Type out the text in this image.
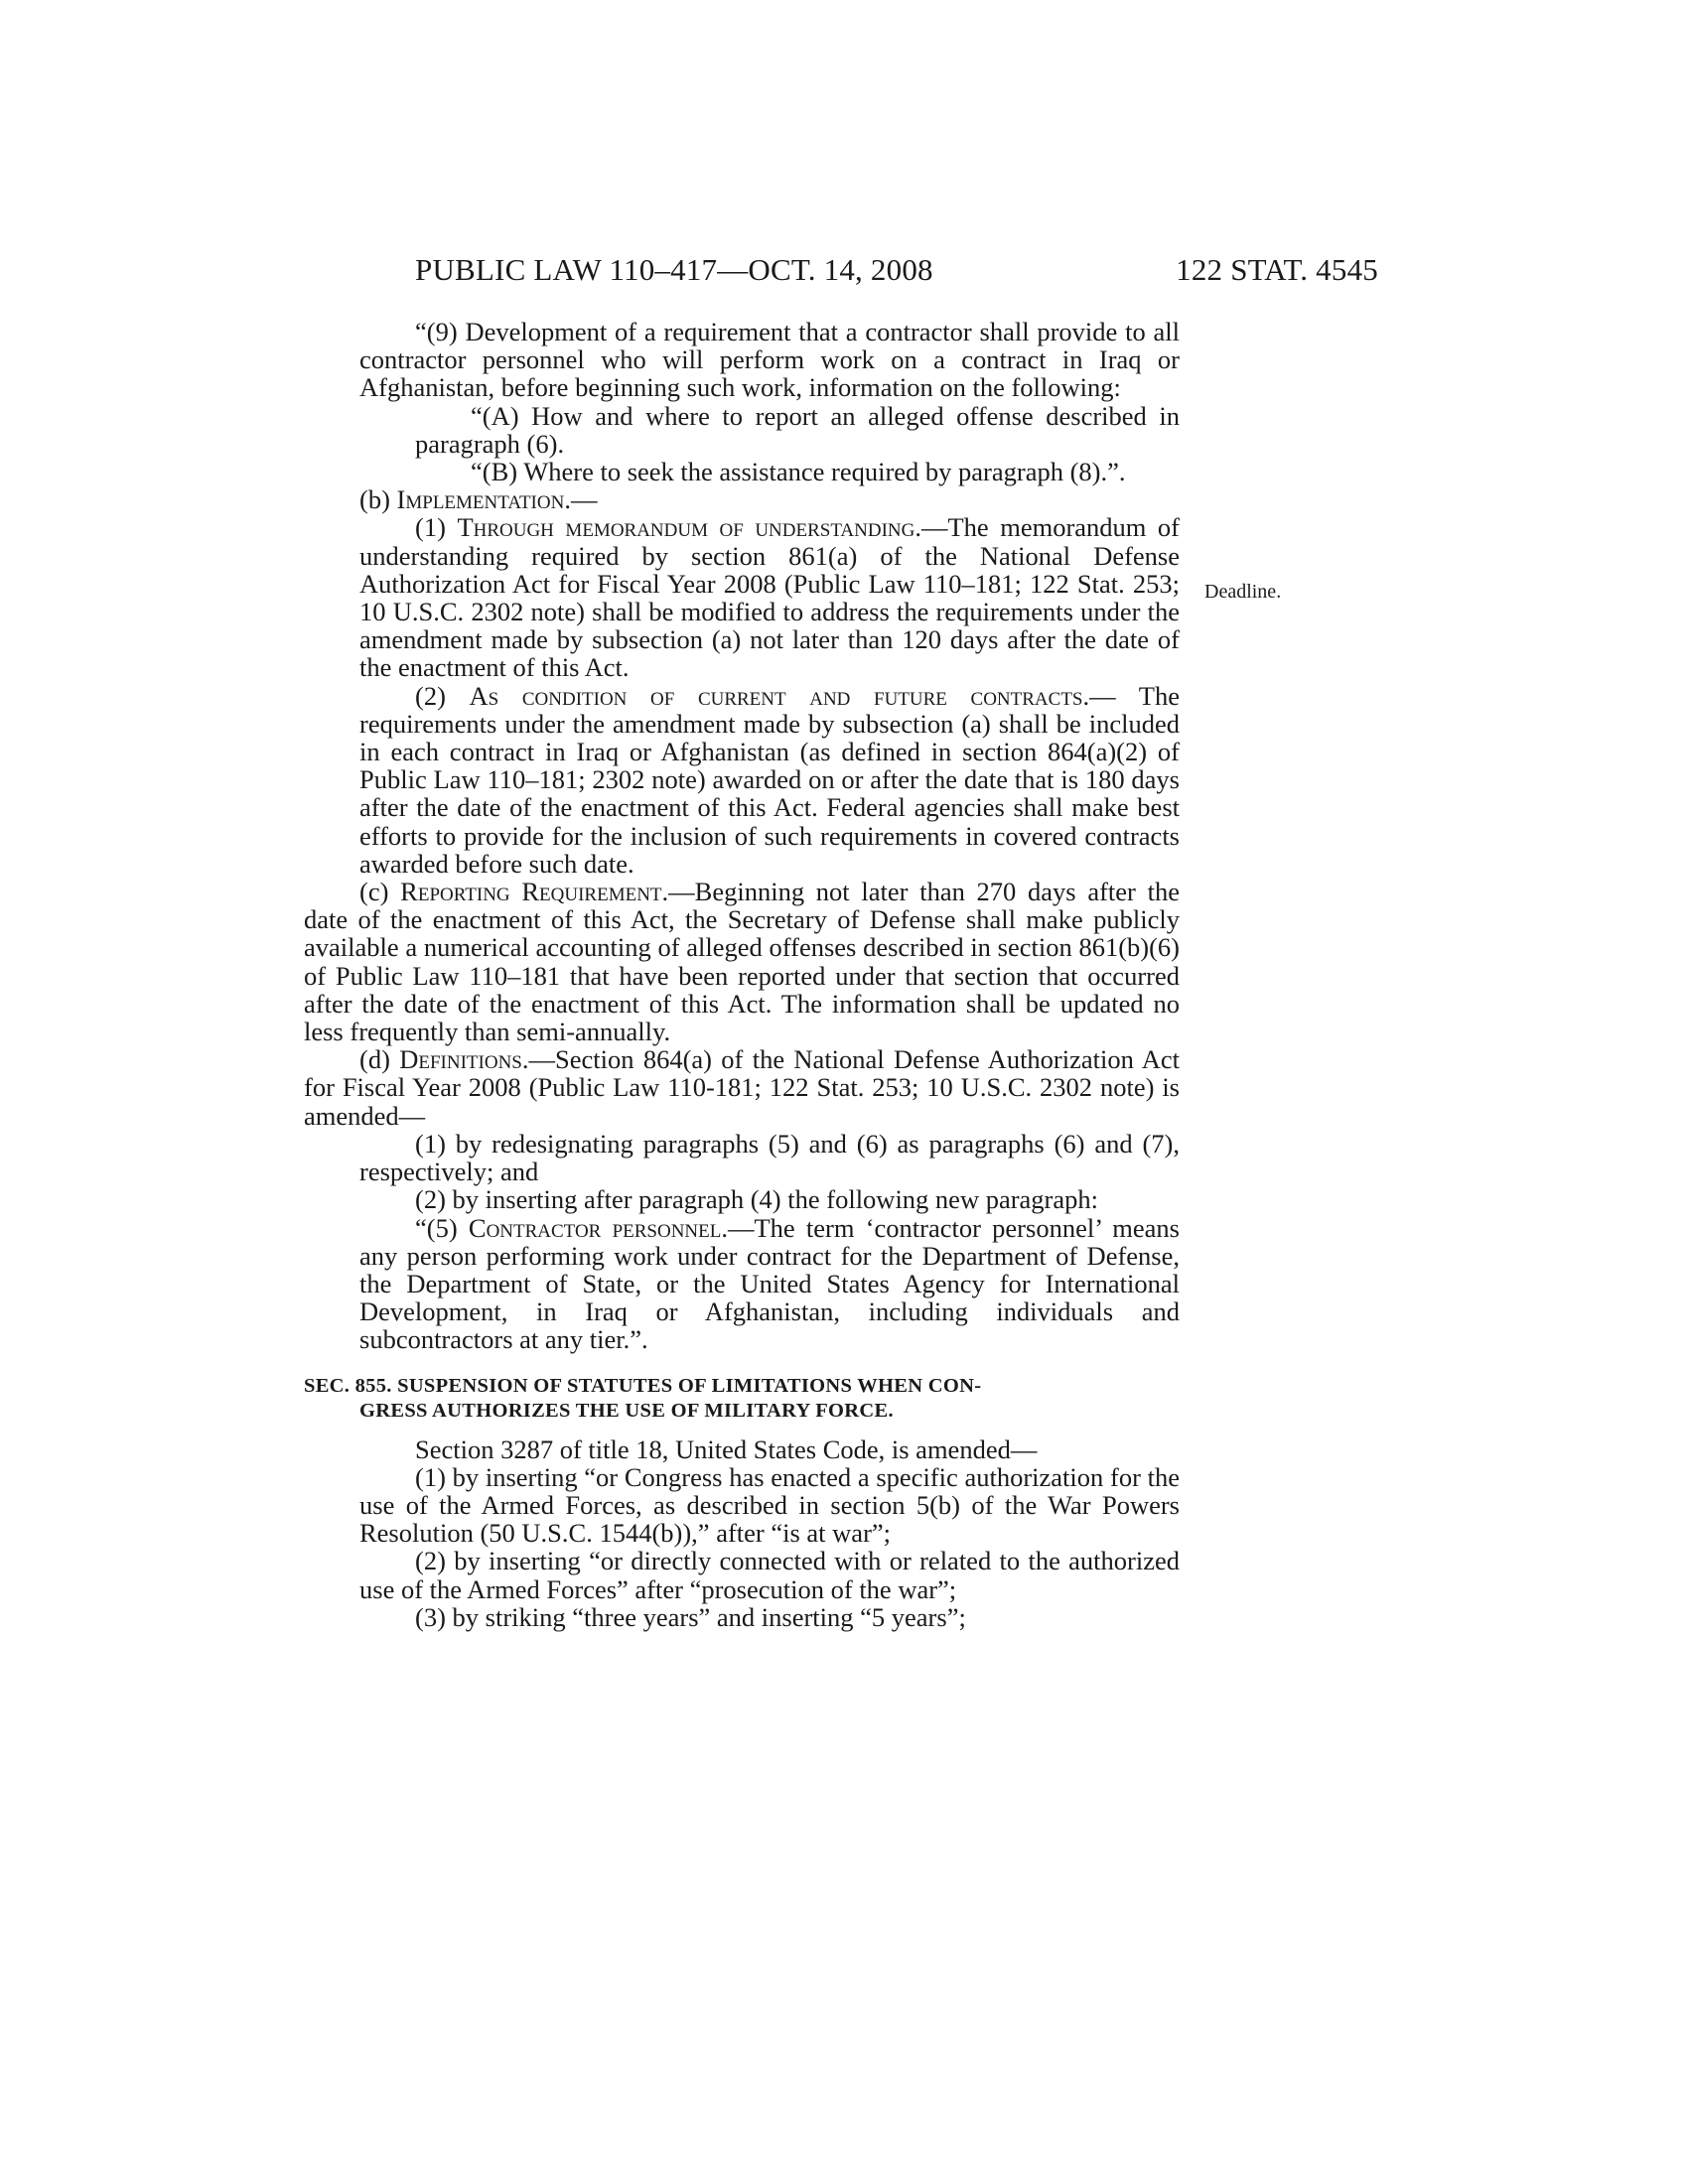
PUBLIC LAW 110–417—OCT. 14, 2008	122 STAT. 4545
Deadline.

“(9) Development of a requirement that a contractor shall provide to all contractor personnel who will perform work on a contract in Iraq or Afghanistan, before beginning such work, information on the following:

“(A) How and where to report an alleged offense described in paragraph (6).

“(B) Where to seek the assistance required by paragraph (8).”.

(b) Implementation.—

(1) Through memorandum of understanding.—The memorandum of understanding required by section 861(a) of the National Defense Authorization Act for Fiscal Year 2008 (Public Law 110–181; 122 Stat. 253; 10 U.S.C. 2302 note) shall be modified to address the requirements under the amendment made by subsection (a) not later than 120 days after the date of the enactment of this Act.

(2) As condition of current and future contracts.— The requirements under the amendment made by subsection (a) shall be included in each contract in Iraq or Afghanistan (as defined in section 864(a)(2) of Public Law 110–181; 2302 note) awarded on or after the date that is 180 days after the date of the enactment of this Act. Federal agencies shall make best efforts to provide for the inclusion of such requirements in covered contracts awarded before such date.

(c) Reporting Requirement.—Beginning not later than 270 days after the date of the enactment of this Act, the Secretary of Defense shall make publicly available a numerical accounting of alleged offenses described in section 861(b)(6) of Public Law 110–181 that have been reported under that section that occurred after the date of the enactment of this Act. The information shall be updated no less frequently than semi-annually.

(d) Definitions.—Section 864(a) of the National Defense Authorization Act for Fiscal Year 2008 (Public Law 110-181; 122 Stat. 253; 10 U.S.C. 2302 note) is amended—

(1) by redesignating paragraphs (5) and (6) as paragraphs (6) and (7), respectively; and

(2) by inserting after paragraph (4) the following new paragraph:

“(5) Contractor personnel.—The term ‘contractor personnel’ means any person performing work under contract for the Department of Defense, the Department of State, or the United States Agency for International Development, in Iraq or Afghanistan, including individuals and subcontractors at any tier.”.

SEC. 855. SUSPENSION OF STATUTES OF LIMITATIONS WHEN CON-
GRESS AUTHORIZES THE USE OF MILITARY FORCE.

Section 3287 of title 18, United States Code, is amended—

(1) by inserting “or Congress has enacted a specific authorization for the use of the Armed Forces, as described in section 5(b) of the War Powers Resolution (50 U.S.C. 1544(b)),” after “is at war”;

(2) by inserting “or directly connected with or related to the authorized use of the Armed Forces” after “prosecution of the war”;

(3) by striking “three years” and inserting “5 years”;
